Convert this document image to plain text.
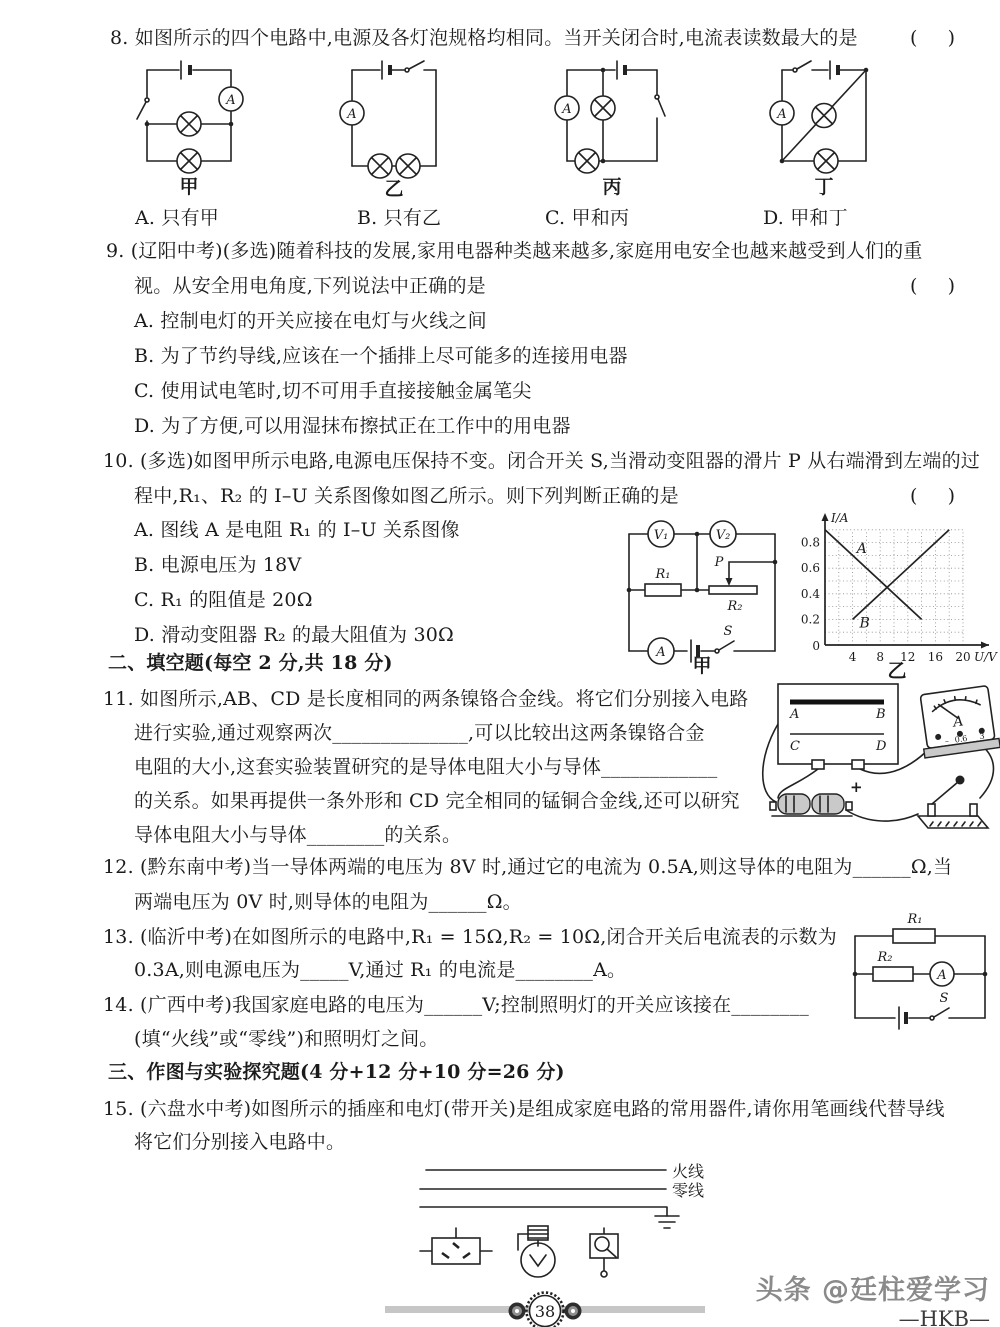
8. 如图所示的四个电路中,电源及各灯泡规格均相同。当开关闭合时,电流表读数最大的是	(     )
A
甲
A
乙
A
丙
A
丁
A. 只有甲	B. 只有乙	C. 甲和丙	D. 甲和丁
9. (辽阳中考)(多选)随着科技的发展,家用电器种类越来越多,家庭用电安全也越来越受到人们的重
视。从安全用电角度,下列说法中正确的是	(     )
A. 控制电灯的开关应接在电灯与火线之间
B. 为了节约导线,应该在一个插排上尽可能多的连接用电器
C. 使用试电笔时,切不可用手直接接触金属笔尖
D. 为了方便,可以用湿抹布擦拭正在工作中的用电器
10. (多选)如图甲所示电路,电源电压保持不变。闭合开关 S,当滑动变阻器的滑片 P 从右端滑到左端的过
程中,R₁、R₂ 的 I–U 关系图像如图乙所示。则下列判断正确的是	(     )
A. 图线 A 是电阻 R₁ 的 I–U 关系图像
B. 电源电压为 18V
C. R₁ 的阻值是 20Ω
D. 滑动变阻器 R₂ 的最大阻值为 30Ω
V₁	V₂
R₁
P
R₂
A
S
甲	4 8 12 16 20
0.2
0.4
0.6
0.8
0
I/A
U/V
A
B
乙
二、填空题(每空 2 分,共 18 分)
11. 如图所示,AB、CD 是长度相同的两条镍铬合金线。将它们分别接入电路
进行实验,通过观察两次______________,可以比较出这两条镍铬合金
电阻的大小,这套实验装置研究的是导体电阻大小与导体____________
的关系。如果再提供一条外形和 CD 完全相同的锰铜合金线,还可以研究
导体电阻大小与导体________的关系。
A	B
C	D
A
– 0.6 3
+
12. (黔东南中考)当一导体两端的电压为 8V 时,通过它的电流为 0.5A,则这导体的电阻为______Ω,当
两端电压为 0V 时,则导体的电阻为______Ω。
13. (临沂中考)在如图所示的电路中,R₁ = 15Ω,R₂ = 10Ω,闭合开关后电流表的示数为
0.3A,则电源电压为_____V,通过 R₁ 的电流是________A。
R₁
R₂
A
S
14. (广西中考)我国家庭电路的电压为______V;控制照明灯的开关应该接在________
(填“火线”或“零线”)和照明灯之间。
三、作图与实验探究题(4 分+12 分+10 分=26 分)
15. (六盘水中考)如图所示的插座和电灯(带开关)是组成家庭电路的常用器件,请你用笔画线代替导线
将它们分别接入电路中。
火线
零线
38
头条 @廷柱爱学习
—HKB—
